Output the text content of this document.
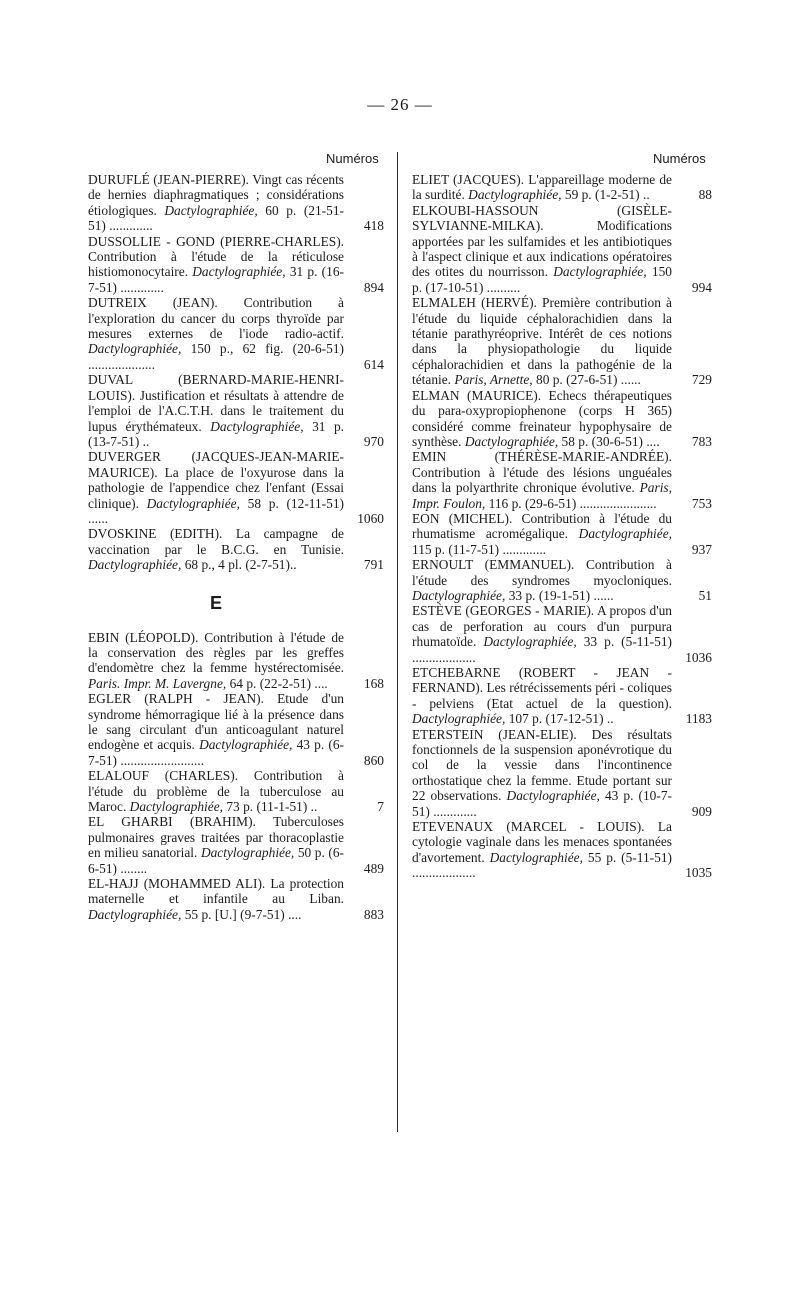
— 26 —
Numéros	Numéros
DURUFLÉ (JEAN-PIERRE). Vingt cas récents de hernies diaphragmatiques ; considérations étiologiques. Dactylographiée, 60 p. (21-51-51) .............	418
DUSSOLLIE - GOND (PIERRE-CHARLES). Contribution à l'étude de la réticulose histiomonocytaire. Dactylographiée, 31 p. (16-7-51) .............	894
DUTREIX (JEAN). Contribution à l'exploration du cancer du corps thyroïde par mesures externes de l'iode radio-actif. Dactylographiée, 150 p., 62 fig. (20-6-51) ....................	614
DUVAL (BERNARD-MARIE-HENRI-LOUIS). Justification et résultats à attendre de l'emploi de l'A.C.T.H. dans le traitement du lupus érythémateux. Dactylographiée, 31 p. (13-7-51) ..	970
DUVERGER (JACQUES-JEAN-MARIE-MAURICE). La place de l'oxyurose dans la pathologie de l'appendice chez l'enfant (Essai clinique). Dactylographiée, 58 p. (12-11-51) ......	1060
DVOSKINE (EDITH). La campagne de vaccination par le B.C.G. en Tunisie. Dactylographiée, 68 p., 4 pl. (2-7-51)..	791
E
EBIN (LÉOPOLD). Contribution à l'étude de la conservation des règles par les greffes d'endomètre chez la femme hystérectomisée. Paris. Impr. M. Lavergne, 64 p. (22-2-51) ....	168
EGLER (RALPH - JEAN). Etude d'un syndrome hémorragique lié à la présence dans le sang circulant d'un anticoagulant naturel endogène et acquis. Dactylographiée, 43 p. (6-7-51) .........................	860
ELALOUF (CHARLES). Contribution à l'étude du problème de la tuberculose au Maroc. Dactylographiée, 73 p. (11-1-51) ..	7
EL GHARBI (BRAHIM). Tuberculoses pulmonaires graves traitées par thoracoplastie en milieu sanatorial. Dactylographiée, 50 p. (6-6-51) ........	489
EL-HAJJ (MOHAMMED ALI). La protection maternelle et infantile au Liban. Dactylographiée, 55 p. [U.] (9-7-51) ....	883
ELIET (JACQUES). L'appareillage moderne de la surdité. Dactylographiée, 59 p. (1-2-51) ..	88
ELKOUBI-HASSOUN (GISÈLE-SYLVIANNE-MILKA).	Modifications apportées par les sulfamides et les antibiotiques à l'aspect clinique et aux indications opératoires des otites du nourrisson. Dactylographiée, 150 p. (17-10-51) ..........	994
ELMALEH (HERVÉ). Première contribution à l'étude du liquide céphalorachidien dans la tétanie parathyréoprive. Intérêt de ces notions dans la physiopathologie du liquide céphalorachidien et dans la pathogénie de la tétanie. Paris, Arnette, 80 p. (27-6-51) ......	729
ELMAN (MAURICE). Echecs thérapeutiques du para-oxypropiophenone (corps H 365) considéré comme freinateur hypophysaire de synthèse. Dactylographiée, 58 p. (30-6-51) ....	783
EMIN (THÉRÈSE-MARIE-ANDRÉE). Contribution à l'étude des lésions unguéales dans la polyarthrite chronique évolutive. Paris, Impr. Foulon, 116 p. (29-6-51) .......................	753
EON (MICHEL). Contribution à l'étude du rhumatisme acromégalique. Dactylographiée, 115 p. (11-7-51) .............	937
ERNOULT (EMMANUEL). Contribution à l'étude des syndromes myocloniques. Dactylographiée, 33 p. (19-1-51) ......	51
ESTÈVE (GEORGES - MARIE). A propos d'un cas de perforation au cours d'un purpura rhumatoïde. Dactylographiée, 33 p. (5-11-51) ...................	1036
ETCHEBARNE (ROBERT - JEAN - FERNAND). Les rétrécissements péri - coliques - pelviens (Etat actuel de la question). Dactylographiée, 107 p. (17-12-51) ..	1183
ETERSTEIN (JEAN-ELIE). Des résultats fonctionnels de la suspension aponévrotique du col de la vessie dans l'incontinence orthostatique chez la femme. Etude portant sur 22 observations. Dactylographiée, 43 p. (10-7-51) .............	909
ETEVENAUX (MARCEL - LOUIS). La cytologie vaginale dans les menaces spontanées d'avortement. Dactylographiée, 55 p. (5-11-51) ...................	1035
